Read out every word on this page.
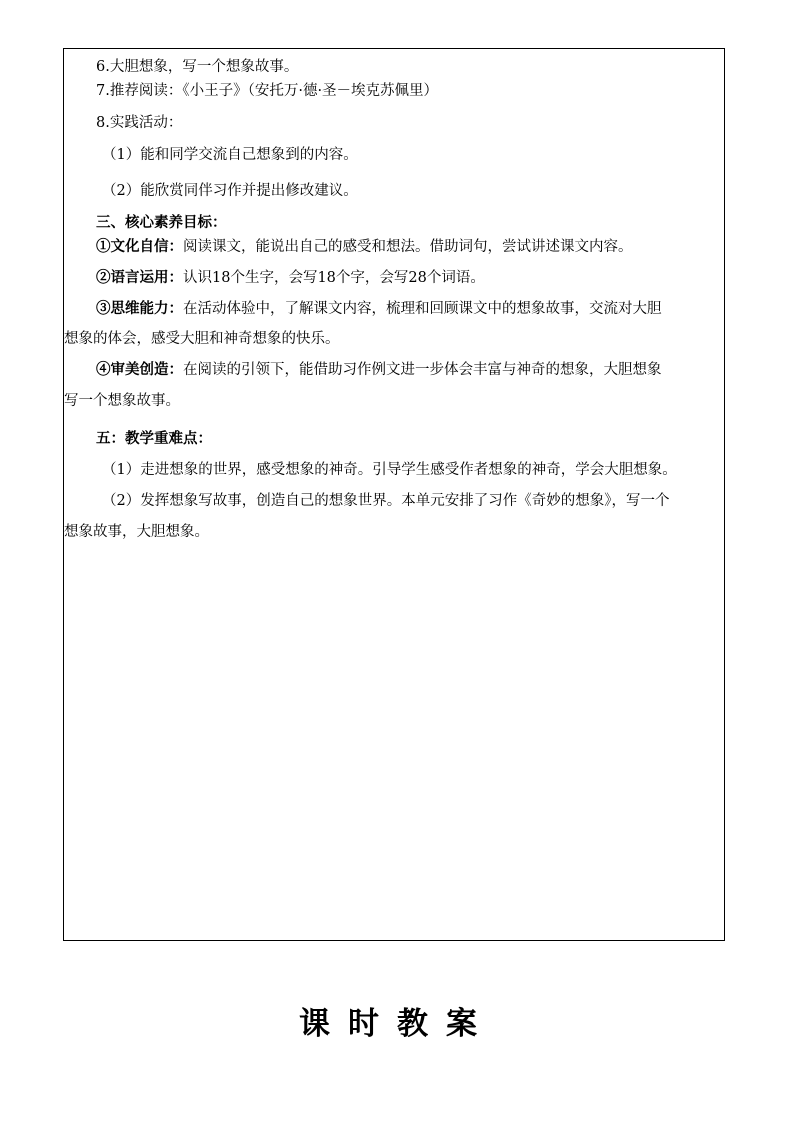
6.大胆想象，写一个想象故事。
7.推荐阅读：《小王子》（安托万·德·圣－埃克苏佩里）
8.实践活动：
（1）能和同学交流自己想象到的内容。
（2）能欣赏同伴习作并提出修改建议。
三、核心素养目标：
①文化自信：阅读课文，能说出自己的感受和想法。借助词句，尝试讲述课文内容。
②语言运用：认识18个生字，会写18个字，会写28个词语。
③思维能力：在活动体验中，了解课文内容，梳理和回顾课文中的想象故事，交流对大胆
想象的体会，感受大胆和神奇想象的快乐。
④审美创造：在阅读的引领下，能借助习作例文进一步体会丰富与神奇的想象，大胆想象
写一个想象故事。
五：教学重难点：
（1）走进想象的世界，感受想象的神奇。引导学生感受作者想象的神奇，学会大胆想象。
（2）发挥想象写故事，创造自己的想象世界。本单元安排了习作《奇妙的想象》，写一个
想象故事，大胆想象。
课时教案
